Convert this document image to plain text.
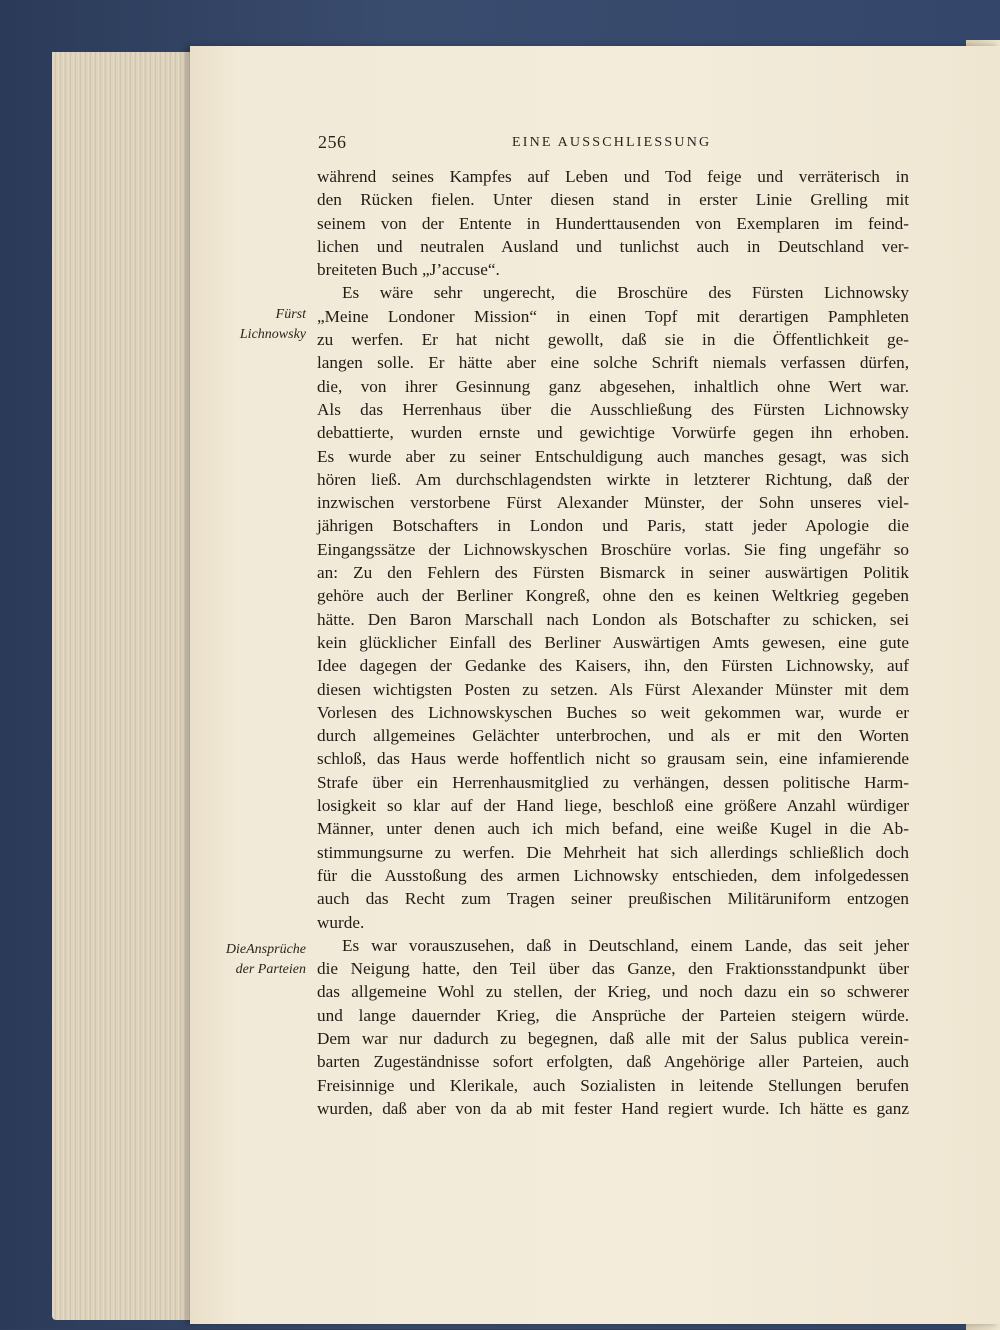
256	EINE AUSSCHLIESSUNG
Fürst
Lichnowsky
DieAnsprüche
der Parteien
während seines Kampfes auf Leben und Tod feige und verräterisch in
den Rücken fielen. Unter diesen stand in erster Linie Grelling mit
seinem von der Entente in Hunderttausenden von Exemplaren im feind-
lichen und neutralen Ausland und tunlichst auch in Deutschland ver-
breiteten Buch „J’accuse“.
Es wäre sehr ungerecht, die Broschüre des Fürsten Lichnowsky
„Meine Londoner Mission“ in einen Topf mit derartigen Pamphleten
zu werfen. Er hat nicht gewollt, daß sie in die Öffentlichkeit ge-
langen solle. Er hätte aber eine solche Schrift niemals verfassen dürfen,
die, von ihrer Gesinnung ganz abgesehen, inhaltlich ohne Wert war.
Als das Herrenhaus über die Ausschließung des Fürsten Lichnowsky
debattierte, wurden ernste und gewichtige Vorwürfe gegen ihn erhoben.
Es wurde aber zu seiner Entschuldigung auch manches gesagt, was sich
hören ließ. Am durchschlagendsten wirkte in letzterer Richtung, daß der
inzwischen verstorbene Fürst Alexander Münster, der Sohn unseres viel-
jährigen Botschafters in London und Paris, statt jeder Apologie die
Eingangssätze der Lichnowskyschen Broschüre vorlas. Sie fing ungefähr so
an: Zu den Fehlern des Fürsten Bismarck in seiner auswärtigen Politik
gehöre auch der Berliner Kongreß, ohne den es keinen Weltkrieg gegeben
hätte. Den Baron Marschall nach London als Botschafter zu schicken, sei
kein glücklicher Einfall des Berliner Auswärtigen Amts gewesen, eine gute
Idee dagegen der Gedanke des Kaisers, ihn, den Fürsten Lichnowsky, auf
diesen wichtigsten Posten zu setzen. Als Fürst Alexander Münster mit dem
Vorlesen des Lichnowskyschen Buches so weit gekommen war, wurde er
durch allgemeines Gelächter unterbrochen, und als er mit den Worten
schloß, das Haus werde hoffentlich nicht so grausam sein, eine infamierende
Strafe über ein Herrenhausmitglied zu verhängen, dessen politische Harm-
losigkeit so klar auf der Hand liege, beschloß eine größere Anzahl würdiger
Männer, unter denen auch ich mich befand, eine weiße Kugel in die Ab-
stimmungsurne zu werfen. Die Mehrheit hat sich allerdings schließlich doch
für die Ausstoßung des armen Lichnowsky entschieden, dem infolgedessen
auch das Recht zum Tragen seiner preußischen Militäruniform entzogen
wurde.
Es war vorauszusehen, daß in Deutschland, einem Lande, das seit jeher
die Neigung hatte, den Teil über das Ganze, den Fraktionsstandpunkt über
das allgemeine Wohl zu stellen, der Krieg, und noch dazu ein so schwerer
und lange dauernder Krieg, die Ansprüche der Parteien steigern würde.
Dem war nur dadurch zu begegnen, daß alle mit der Salus publica verein-
barten Zugeständnisse sofort erfolgten, daß Angehörige aller Parteien, auch
Freisinnige und Klerikale, auch Sozialisten in leitende Stellungen berufen
wurden, daß aber von da ab mit fester Hand regiert wurde. Ich hätte es ganz
